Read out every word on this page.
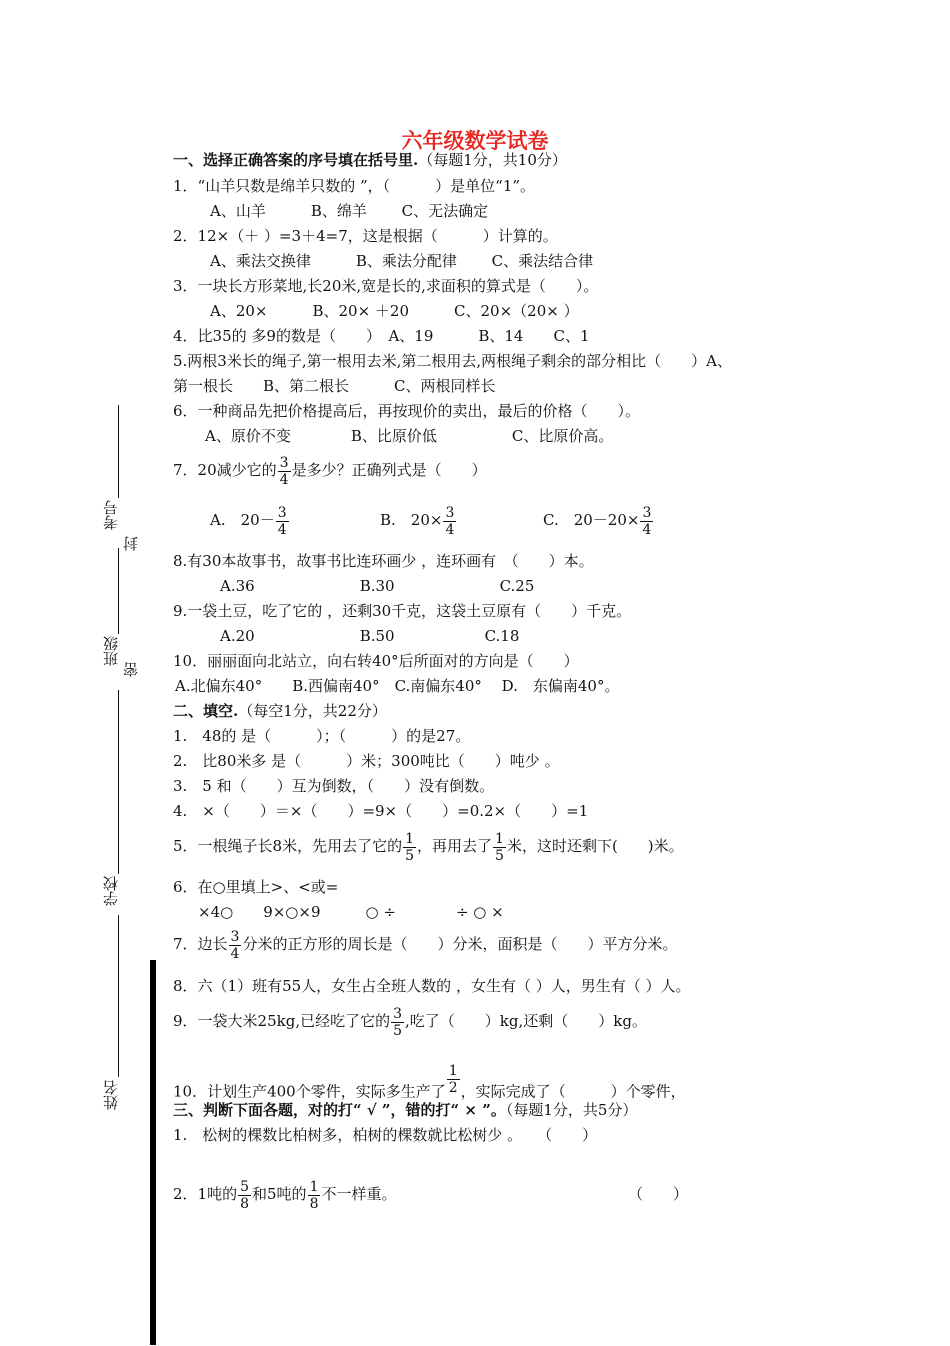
六年级数学试卷
考号
封
班级
密
学校
姓名
一、选择正确答案的序号填在括号里.（每题1分，共10分）
1．“山羊只数是绵羊只数的 ”，（　　　）是单位“1”。
A、山羊　　　B、绵羊　　 C、无法确定
2．12×（＋ ）=3＋4=7，这是根据（　　　）计算的。
A、乘法交换律　　　B、乘法分配律　　 C、乘法结合律
3．一块长方形菜地,长20米,宽是长的,求面积的算式是（　　）。
A、20×　　　B、20× ＋20　　　C、20×（20× ）
4．比35的 多9的数是（　　）　A、19　　　B、14　　C、1
5.两根3米长的绳子,第一根用去米,第二根用去,两根绳子剩余的部分相比（　　）A、
第一根长　　B、第二根长　　　C、两根同样长
6．一种商品先把价格提高后，再按现价的卖出，最后的价格（　　）。
A、原价不变　　　　B、比原价低　　　　　C、比原价高。
7．20减少它的 $\frac{3}{4}$ 是多少？正确列式是（　　）
A.　$20- \frac{3}{4}$	B.　$20\times \frac{3}{4}$	C.　$20-20\times \frac{3}{4}$
8.有30本故事书，故事书比连环画少 ，连环画有　（　　）本。
A.36　　　　　　　B.30　　　　　　　C.25
9.一袋土豆，吃了它的 ，还剩30千克，这袋土豆原有（　　）千克。
A.20　　　　　　　B.50　　　　　　C.18
10．丽丽面向北站立，向右转40°后所面对的方向是（　　）
A.北偏东40°　　B.西偏南40°　C.南偏东40°　 D.　东偏南40°。
二、填空.（每空1分，共22分）
1.　48的 是（　　　）；（　　　）的是27。
2.　比80米多 是（　　　）米；300吨比（　　）吨少 。
3.　5 和（　　）互为倒数，（　　）没有倒数。
4.　×（　　）＝×（　　）=9×（　　）=0.2×（　　）=1
5．一根绳子长8米，先用去了它的 $\frac{1}{5}$ ，再用去了 $\frac{1}{5}$ 米，这时还剩下(　　)米。
6．在○里填上>、<或=
×4○　　9×○×9　　　○ ÷　　　　÷ ○ ×
7．边长 $\frac{3}{4}$ 分米的正方形的周长是（　　）分米，面积是（　　）平方分米。
8．六（1）班有55人，女生占全班人数的 ，女生有（ ）人，男生有（ ）人。
9．一袋大米25kg,已经吃了它的 $\frac{3}{5}$ ,吃了（　　）kg,还剩（　　）kg。
10．计划生产400个零件，实际多生产了 $\frac{1}{2}$ ，实际完成了（　　　）个零件，
三、判断下面各题，对的打“ √ ”，错的打“ × ”。（每题1分，共5分）
1.　松树的棵数比柏树多，柏树的棵数就比松树少 。　　（　　）
2．1吨的 $\frac{5}{8}$ 和5吨的 $\frac{1}{8}$ 不一样重。	（　　）
